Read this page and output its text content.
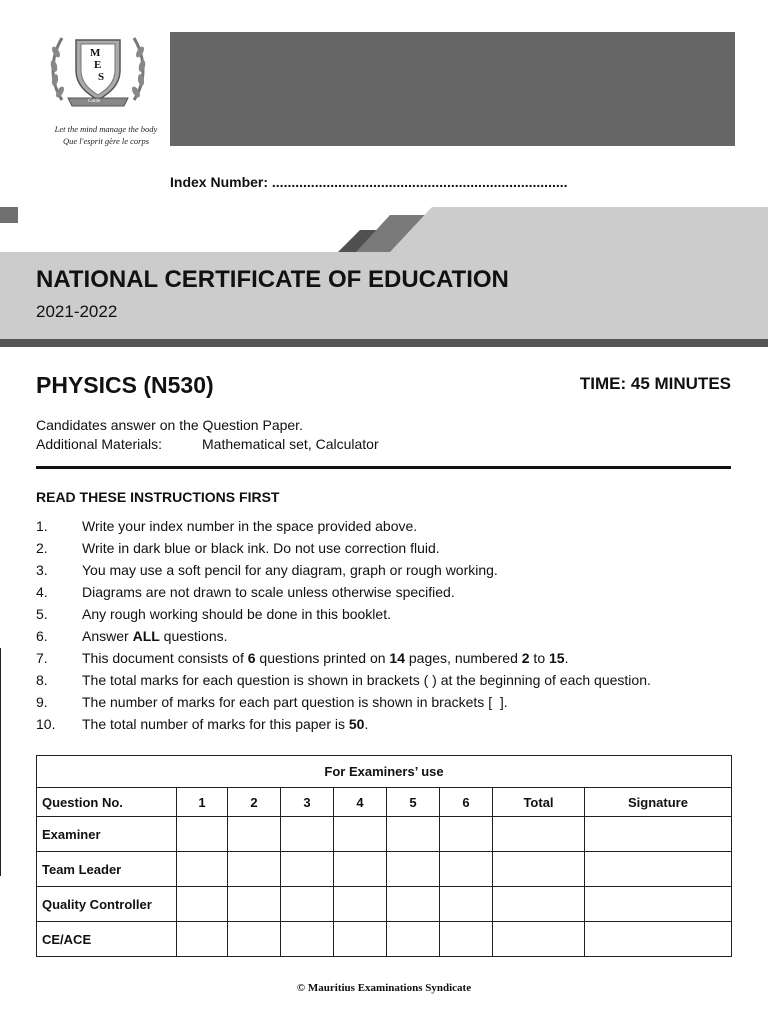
M
E
S
Guide
Let the mind manage the body
Que l'esprit gère le corps
Index Number: ............................................................................
NATIONAL CERTIFICATE OF EDUCATION
2021-2022
PHYSICS (N530)	TIME: 45 MINUTES
Candidates answer on the Question Paper.
Additional Materials:	Mathematical set, Calculator
READ THESE INSTRUCTIONS FIRST
1. Write your index number in the space provided above.
2. Write in dark blue or black ink. Do not use correction fluid.
3. You may use a soft pencil for any diagram, graph or rough working.
4. Diagrams are not drawn to scale unless otherwise specified.
5. Any rough working should be done in this booklet.
6. Answer ALL questions.
7. This document consists of 6 questions printed on 14 pages, numbered 2 to 15.
8. The total marks for each question is shown in brackets ( ) at the beginning of each question.
9. The number of marks for each part question is shown in brackets [  ].
10. The total number of marks for this paper is 50.
For Examiners’ use								
Question No.	1	2	3	4	5	6	Total	Signature
Examiner								
Team Leader								
Quality Controller								
CE/ACE								
© Mauritius Examinations Syndicate
